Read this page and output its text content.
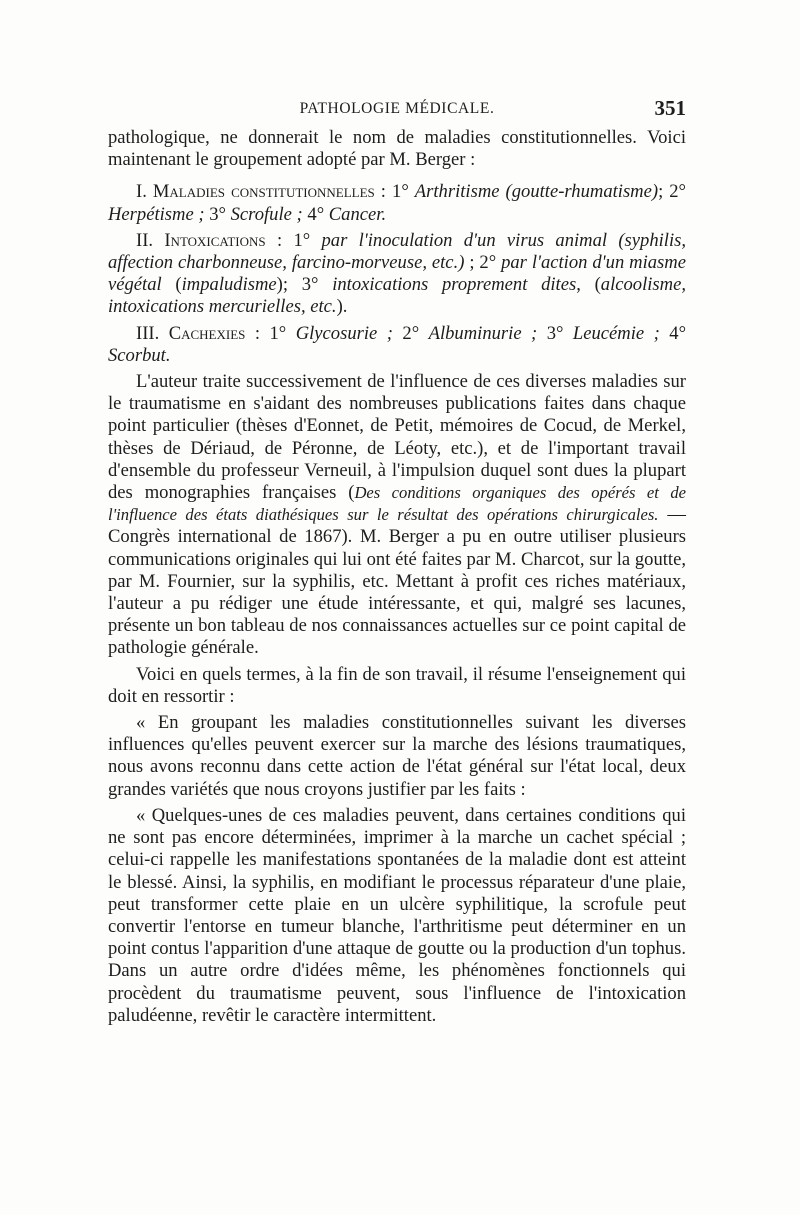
PATHOLOGIE MÉDICALE.	351

pathologique, ne donnerait le nom de maladies constitutionnelles. Voici maintenant le groupement adopté par M. Berger :

I. Maladies constitutionnelles : 1° Arthritisme (goutte-rhumatisme); 2° Herpétisme ; 3° Scrofule ; 4° Cancer.

II. Intoxications : 1° par l'inoculation d'un virus animal (syphilis, affection charbonneuse, farcino-morveuse, etc.) ; 2° par l'action d'un miasme végétal (impaludisme); 3° intoxications proprement dites, (alcoolisme, intoxications mercurielles, etc.).

III. Cachexies : 1° Glycosurie ; 2° Albuminurie ; 3° Leucémie ; 4° Scorbut.

L'auteur traite successivement de l'influence de ces diverses maladies sur le traumatisme en s'aidant des nombreuses publications faites dans chaque point particulier (thèses d'Eonnet, de Petit, mémoires de Cocud, de Merkel, thèses de Dériaud, de Péronne, de Léoty, etc.), et de l'important travail d'ensemble du professeur Verneuil, à l'impulsion duquel sont dues la plupart des monographies françaises (Des conditions organiques des opérés et de l'influence des états diathésiques sur le résultat des opérations chirurgicales. — Congrès international de 1867). M. Berger a pu en outre utiliser plusieurs communications originales qui lui ont été faites par M. Charcot, sur la goutte, par M. Fournier, sur la syphilis, etc. Mettant à profit ces riches matériaux, l'auteur a pu rédiger une étude intéressante, et qui, malgré ses lacunes, présente un bon tableau de nos connaissances actuelles sur ce point capital de pathologie générale.

Voici en quels termes, à la fin de son travail, il résume l'enseignement qui doit en ressortir :

« En groupant les maladies constitutionnelles suivant les diverses influences qu'elles peuvent exercer sur la marche des lésions traumatiques, nous avons reconnu dans cette action de l'état général sur l'état local, deux grandes variétés que nous croyons justifier par les faits :

« Quelques-unes de ces maladies peuvent, dans certaines conditions qui ne sont pas encore déterminées, imprimer à la marche un cachet spécial ; celui-ci rappelle les manifestations spontanées de la maladie dont est atteint le blessé. Ainsi, la syphilis, en modifiant le processus réparateur d'une plaie, peut transformer cette plaie en un ulcère syphilitique, la scrofule peut convertir l'entorse en tumeur blanche, l'arthritisme peut déterminer en un point contus l'apparition d'une attaque de goutte ou la production d'un tophus. Dans un autre ordre d'idées même, les phénomènes fonctionnels qui procèdent du traumatisme peuvent, sous l'influence de l'intoxication paludéenne, revêtir le caractère intermittent.
